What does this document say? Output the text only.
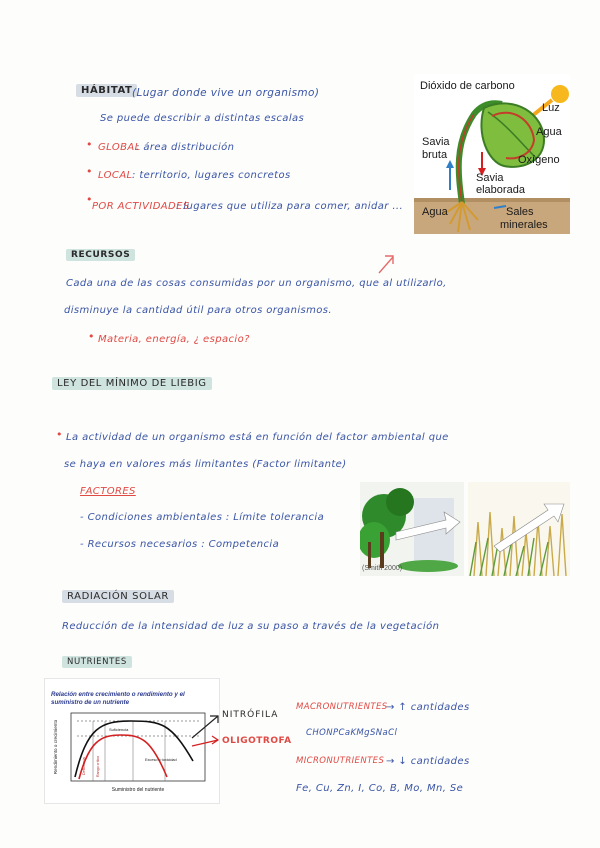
HÁBITAT (Lugar donde vive un organismo)
Se puede describir a distintas escalas
• GLOBAL
: área distribución
• LOCAL : territorio, lugares concretos
•
POR ACTIVIDADES
: lugares que utiliza para comer, anidar ...
Dióxido de carbono
Luz
Agua
Oxígeno
Savia
bruta
Savia
elaborada
Agua	Sales
minerales
RECURSOS
Cada una de las cosas consumidas por un organismo, que al utilizarlo,
disminuye la cantidad útil para otros organismos.
• Materia, energía, ¿ espacio?
LEY DEL MÍNIMO DE LIEBIG
• La actividad de un organismo está en función del factor ambiental que
se haya en valores más limitantes (Factor limitante)
FACTORES
- Condiciones ambientales : Límite tolerancia
- Recursos necesarios : Competencia
(Smith 2000)
RADIACIÓN SOLAR
Reducción de la intensidad de luz a su paso a través de la vegetación
NUTRIENTES
Relación entre crecimiento o rendimiento y el suministro de un nutriente
Suministro del nutriente
Rendimiento o crecimiento	Deficiencia	Rango crítico
Suficiencia
Exceso o toxicidad
NITRÓFILA
OLIGOTROFA
MACRONUTRIENTES
→ ↑ cantidades
CHONPCaKMgSNaCl
MICRONUTRIENTES → ↓ cantidades
Fe, Cu, Zn, I, Co, B, Mo, Mn, Se
